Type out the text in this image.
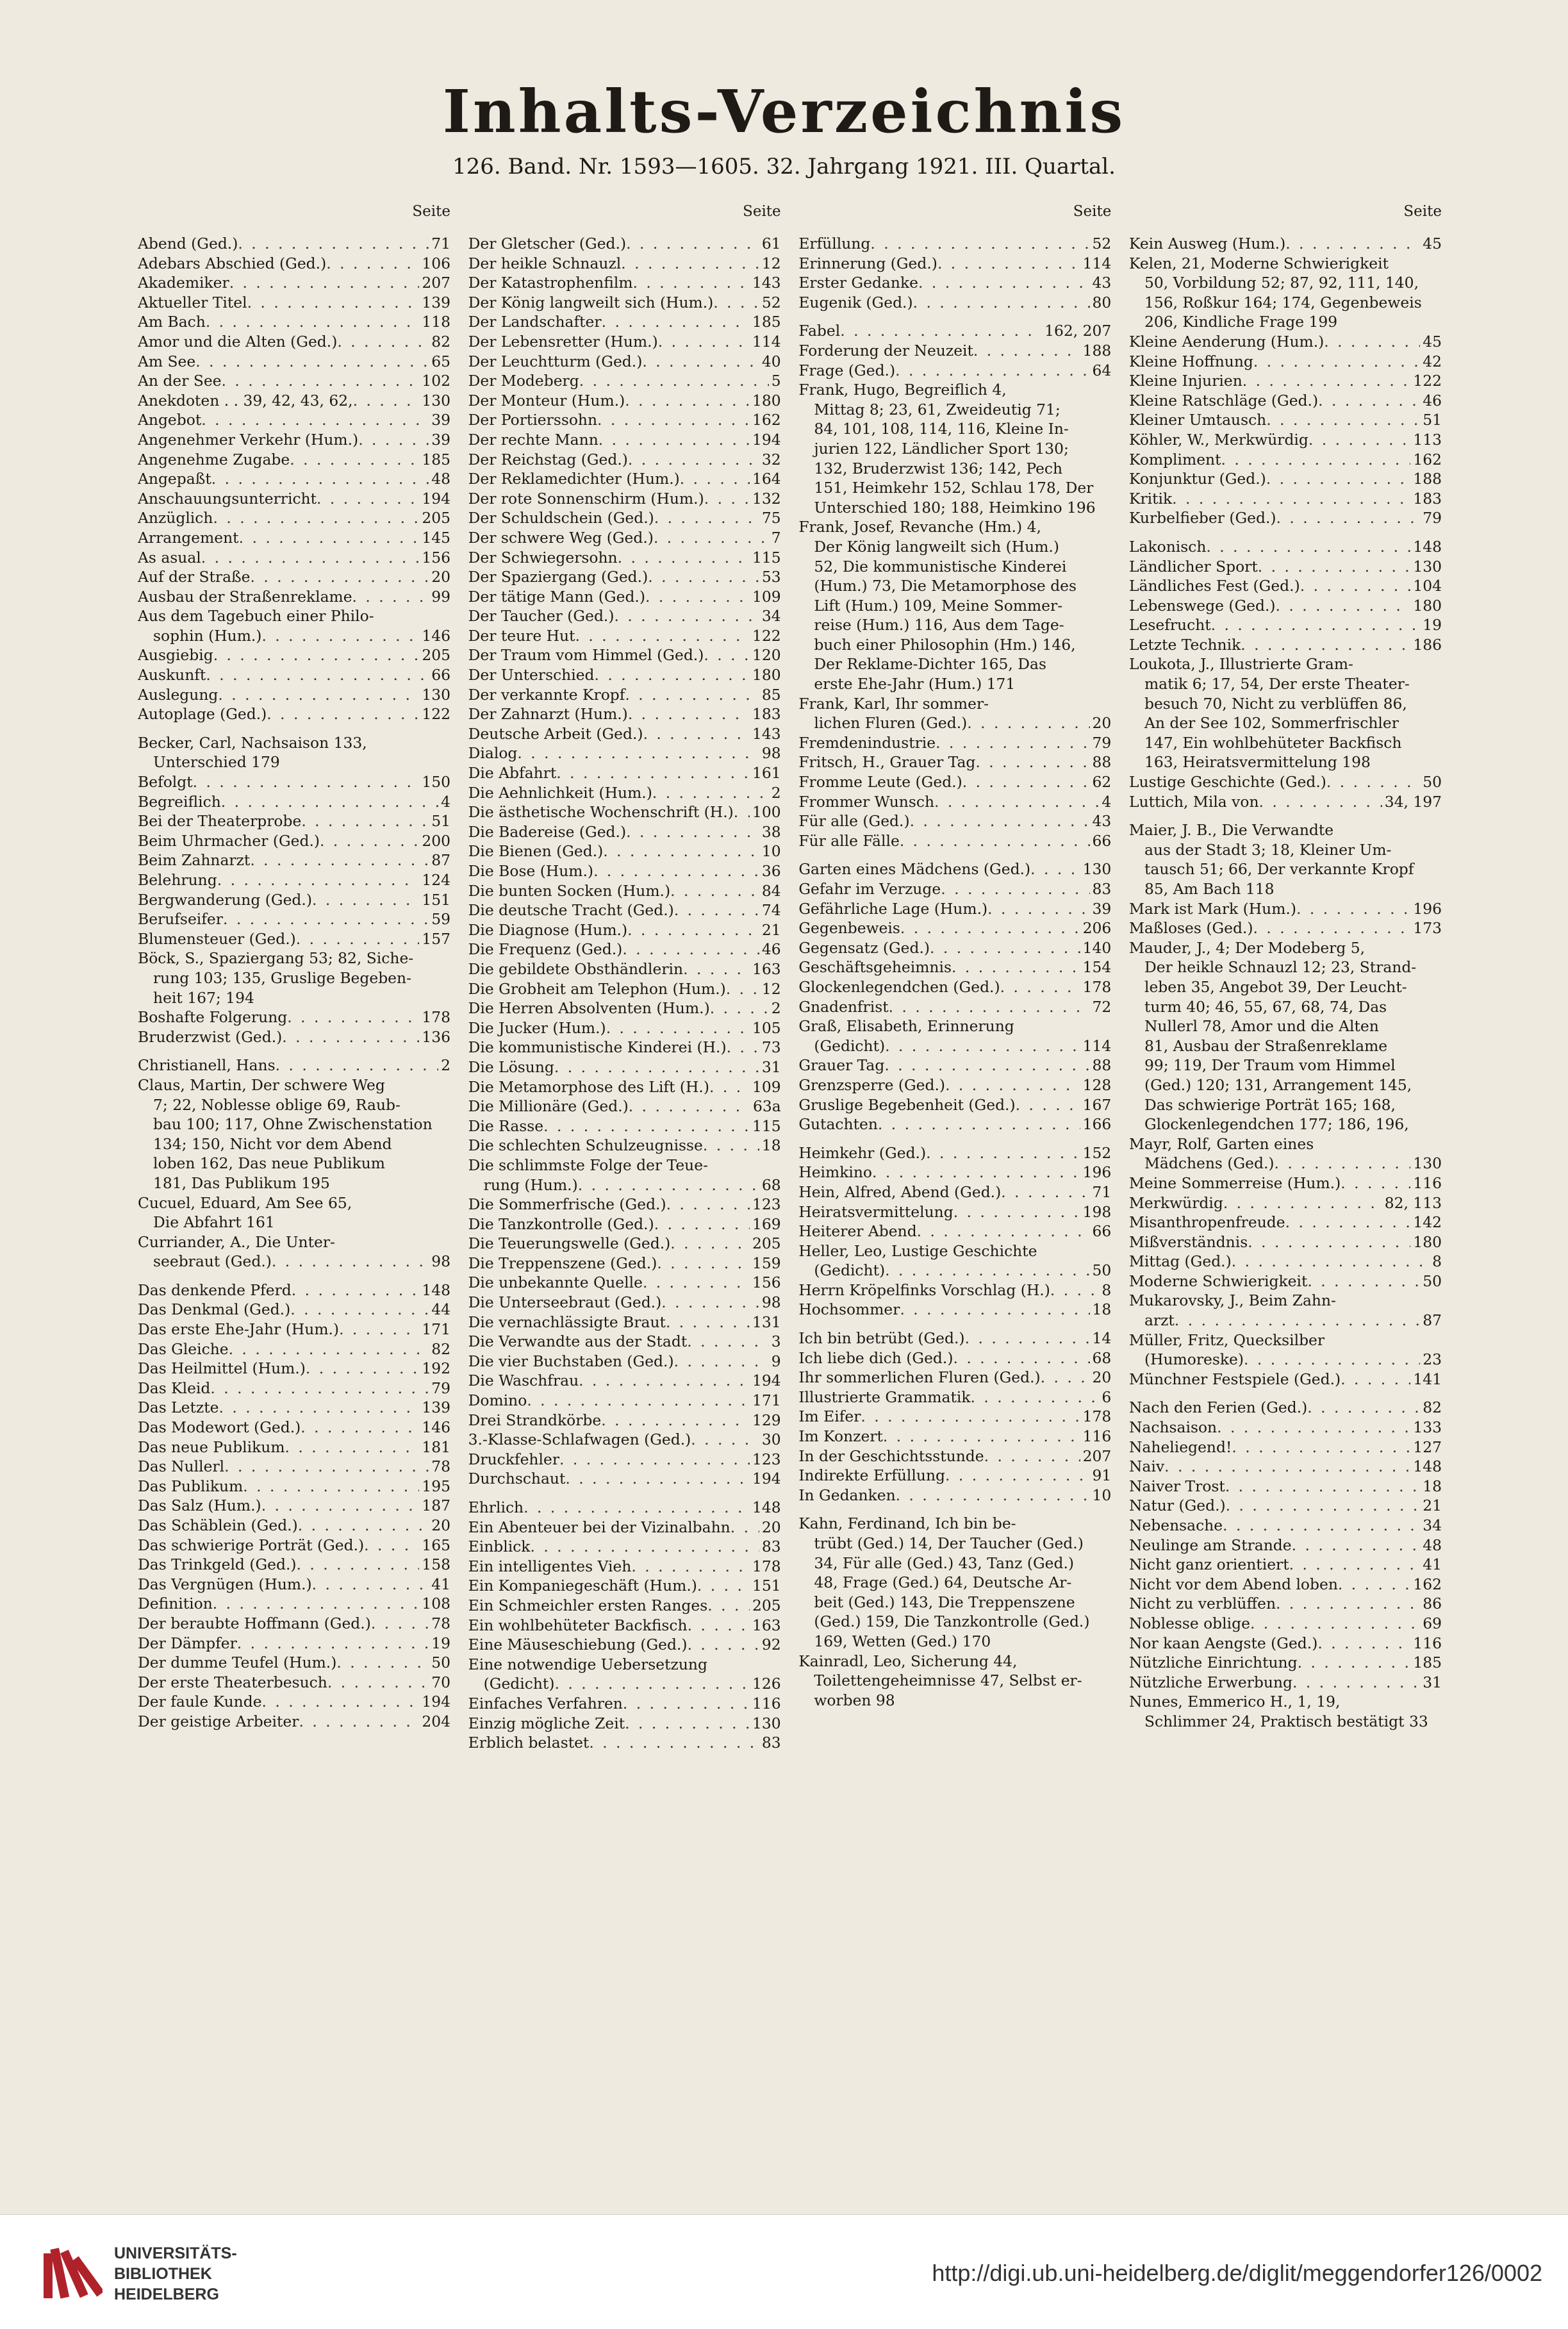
Inhalts-Verzeichnis
126. Band. Nr. 1593—1605. 32. Jahrgang 1921. III. Quartal.
Seite
Abend (Ged.) . . .	71
Adebars Abschied (Ged.) . . .	106
Akademiker . . .	207
Aktueller Titel . . .	139
Am Bach . . .	118
Amor und die Alten (Ged.) . . .	82
Am See . . .	65
An der See . . .	102
Anekdoten . . 39, 42, 43, 62, . . .	130
Angebot . . .	39
Angenehmer Verkehr (Hum.) . . .	39
Angenehme Zugabe . . .	185
Angepaßt . . .	48
Anschauungsunterricht . . .	194
Anzüglich . . .	205
Arrangement . . .	145
As asual . . .	156
Auf der Straße . . .	20
Ausbau der Straßenreklame . . .	99
Aus dem Tagebuch einer Philo-
sophin (Hum.) . . .	146
Ausgiebig . . .	205
Auskunft . . .	66
Auslegung . . .	130
Autoplage (Ged.) . . .	122
Becker, Carl, Nachsaison 133,
Unterschied 179
Befolgt . . .	150
Begreiflich . . .	4
Bei der Theaterprobe . . .	51
Beim Uhrmacher (Ged.) . . .	200
Beim Zahnarzt . . .	87
Belehrung . . .	124
Bergwanderung (Ged.) . . .	151
Berufseifer . . .	59
Blumensteuer (Ged.) . . .	157
Böck, S., Spaziergang 53; 82, Siche-
rung 103; 135, Gruslige Begeben-
heit 167; 194
Boshafte Folgerung . . .	178
Bruderzwist (Ged.) . . .	136
Christianell, Hans . . .	2
Claus, Martin, Der schwere Weg
7; 22, Noblesse oblige 69, Raub-
bau 100; 117, Ohne Zwischenstation
134; 150, Nicht vor dem Abend
loben 162, Das neue Publikum
181, Das Publikum 195
Cucuel, Eduard, Am See 65,
Die Abfahrt 161
Curriander, A., Die Unter-
seebraut (Ged.) . . .	98
Das denkende Pferd . . .	148
Das Denkmal (Ged.) . . .	44
Das erste Ehe-Jahr (Hum.) . . .	171
Das Gleiche . . .	82
Das Heilmittel (Hum.) . . .	192
Das Kleid . . .	79
Das Letzte . . .	139
Das Modewort (Ged.) . . .	146
Das neue Publikum . . .	181
Das Nullerl . . .	78
Das Publikum . . .	195
Das Salz (Hum.) . . .	187
Das Schäblein (Ged.) . . .	20
Das schwierige Porträt (Ged.) . . .	165
Das Trinkgeld (Ged.) . . .	158
Das Vergnügen (Hum.) . . .	41
Definition . . .	108
Der beraubte Hoffmann (Ged.) . . .	78
Der Dämpfer . . .	19
Der dumme Teufel (Hum.) . . .	50
Der erste Theaterbesuch . . .	70
Der faule Kunde . . .	194
Der geistige Arbeiter . . .	204
Seite
Der Gletscher (Ged.) . . .	61
Der heikle Schnauzl . . .	12
Der Katastrophenfilm . . .	143
Der König langweilt sich (Hum.) . . .	52
Der Landschafter . . .	185
Der Lebensretter (Hum.) . . .	114
Der Leuchtturm (Ged.) . . .	40
Der Modeberg . . .	5
Der Monteur (Hum.) . . .	180
Der Portierssohn . . .	162
Der rechte Mann . . .	194
Der Reichstag (Ged.) . . .	32
Der Reklamedichter (Hum.) . . .	164
Der rote Sonnenschirm (Hum.) . . .	132
Der Schuldschein (Ged.) . . .	75
Der schwere Weg (Ged.) . . .	7
Der Schwiegersohn . . .	115
Der Spaziergang (Ged.) . . .	53
Der tätige Mann (Ged.) . . .	109
Der Taucher (Ged.) . . .	34
Der teure Hut . . .	122
Der Traum vom Himmel (Ged.) . . .	120
Der Unterschied . . .	180
Der verkannte Kropf . . .	85
Der Zahnarzt (Hum.) . . .	183
Deutsche Arbeit (Ged.) . . .	143
Dialog . . .	98
Die Abfahrt . . .	161
Die Aehnlichkeit (Hum.) . . .	2
Die ästhetische Wochenschrift (H.) . . . 100
Die Badereise (Ged.) . . .	38
Die Bienen (Ged.) . . .	10
Die Bose (Hum.) . . .	36
Die bunten Socken (Hum.) . . .	84
Die deutsche Tracht (Ged.) . . .	74
Die Diagnose (Hum.) . . .	21
Die Frequenz (Ged.) . . .	46
Die gebildete Obsthändlerin . . .	163
Die Grobheit am Telephon (Hum.) . . . 12
Die Herren Absolventen (Hum.) . . .	2
Die Jucker (Hum.) . . .	105
Die kommunistische Kinderei (H.) . . . 73
Die Lösung . . .	31
Die Metamorphose des Lift (H.) . . .	109
Die Millionäre (Ged.) . . .	63a
Die Rasse . . .	115
Die schlechten Schulzeugnisse . . .	18
Die schlimmste Folge der Teue-
rung (Hum.) . . .	68
Die Sommerfrische (Ged.) . . .	123
Die Tanzkontrolle (Ged.) . . .	169
Die Teuerungswelle (Ged.) . . .	205
Die Treppenszene (Ged.) . . .	159
Die unbekannte Quelle . . .	156
Die Unterseebraut (Ged.) . . .	98
Die vernachlässigte Braut . . .	131
Die Verwandte aus der Stadt . . .	3
Die vier Buchstaben (Ged.) . . .	9
Die Waschfrau . . .	194
Domino . . .	171
Drei Strandkörbe . . .	129
3.-Klasse-Schlafwagen (Ged.) . . .	30
Druckfehler . . .	123
Durchschaut . . .	194
Ehrlich . . .	148
Ein Abenteuer bei der Vizinalbahn . . . 20
Einblick . . .	83
Ein intelligentes Vieh . . .	178
Ein Kompaniegeschäft (Hum.) . . .	151
Ein Schmeichler ersten Ranges . . .	205
Ein wohlbehüteter Backfisch . . .	163
Eine Mäuseschiebung (Ged.) . . .	92
Eine notwendige Uebersetzung
(Gedicht) . . .	126
Einfaches Verfahren . . .	116
Einzig mögliche Zeit . . .	130
Erblich belastet . . .	83
Seite
Erfüllung . . .	52
Erinnerung (Ged.) . . .	114
Erster Gedanke . . .	43
Eugenik (Ged.) . . .	80
Fabel . . .	162, 207
Forderung der Neuzeit . . .	188
Frage (Ged.) . . .	64
Frank, Hugo, Begreiflich 4,
Mittag 8; 23, 61, Zweideutig 71;
84, 101, 108, 114, 116, Kleine In-
jurien 122, Ländlicher Sport 130;
132, Bruderzwist 136; 142, Pech
151, Heimkehr 152, Schlau 178, Der
Unterschied 180; 188, Heimkino 196
Frank, Josef, Revanche (Hm.) 4,
Der König langweilt sich (Hum.)
52, Die kommunistische Kinderei
(Hum.) 73, Die Metamorphose des
Lift (Hum.) 109, Meine Sommer-
reise (Hum.) 116, Aus dem Tage-
buch einer Philosophin (Hm.) 146,
Der Reklame-Dichter 165, Das
erste Ehe-Jahr (Hum.) 171
Frank, Karl, Ihr sommer-
lichen Fluren (Ged.) . . .	20
Fremdenindustrie . . .	79
Fritsch, H., Grauer Tag . . .	88
Fromme Leute (Ged.) . . .	62
Frommer Wunsch . . .	4
Für alle (Ged.) . . .	43
Für alle Fälle . . .	66
Garten eines Mädchens (Ged.) . . .	130
Gefahr im Verzuge . . .	83
Gefährliche Lage (Hum.) . . .	39
Gegenbeweis . . .	206
Gegensatz (Ged.) . . .	140
Geschäftsgeheimnis . . .	154
Glockenlegendchen (Ged.) . . .	178
Gnadenfrist . . .	72
Graß, Elisabeth, Erinnerung
(Gedicht) . . .	114
Grauer Tag . . .	88
Grenzsperre (Ged.) . . .	128
Gruslige Begebenheit (Ged.) . . .	167
Gutachten . . .	166
Heimkehr (Ged.) . . .	152
Heimkino . . .	196
Hein, Alfred, Abend (Ged.) . . .	71
Heiratsvermittelung . . .	198
Heiterer Abend . . .	66
Heller, Leo, Lustige Geschichte
(Gedicht) . . .	50
Herrn Kröpelfinks Vorschlag (H.) . . .	8
Hochsommer . . .	18
Ich bin betrübt (Ged.) . . .	14
Ich liebe dich (Ged.) . . .	68
Ihr sommerlichen Fluren (Ged.) . . .	20
Illustrierte Grammatik . . .	6
Im Eifer . . .	178
Im Konzert . . .	116
In der Geschichtsstunde . . .	207
Indirekte Erfüllung . . .	91
In Gedanken . . .	10
Kahn, Ferdinand, Ich bin be-
trübt (Ged.) 14, Der Taucher (Ged.)
34, Für alle (Ged.) 43, Tanz (Ged.)
48, Frage (Ged.) 64, Deutsche Ar-
beit (Ged.) 143, Die Treppenszene
(Ged.) 159, Die Tanzkontrolle (Ged.)
169, Wetten (Ged.) 170
Kainradl, Leo, Sicherung 44,
Toilettengeheimnisse 47, Selbst er-
worben 98
Seite
Kein Ausweg (Hum.) . . .	45
Kelen, 21, Moderne Schwierigkeit
50, Vorbildung 52; 87, 92, 111, 140,
156, Roßkur 164; 174, Gegenbeweis
206, Kindliche Frage 199
Kleine Aenderung (Hum.) . . .	45
Kleine Hoffnung . . .	42
Kleine Injurien . . .	122
Kleine Ratschläge (Ged.) . . .	46
Kleiner Umtausch . . .	51
Köhler, W., Merkwürdig . . .	113
Kompliment . . .	162
Konjunktur (Ged.) . . .	188
Kritik . . .	183
Kurbelfieber (Ged.) . . .	79
Lakonisch . . .	148
Ländlicher Sport . . .	130
Ländliches Fest (Ged.) . . .	104
Lebenswege (Ged.) . . .	180
Lesefrucht . . .	19
Letzte Technik . . .	186
Loukota, J., Illustrierte Gram-
matik 6; 17, 54, Der erste Theater-
besuch 70, Nicht zu verblüffen 86,
An der See 102, Sommerfrischler
147, Ein wohlbehüteter Backfisch
163, Heiratsvermittelung 198
Lustige Geschichte (Ged.) . . .	50
Luttich, Mila von . . .	34, 197
Maier, J. B., Die Verwandte
aus der Stadt 3; 18, Kleiner Um-
tausch 51; 66, Der verkannte Kropf
85, Am Bach 118
Mark ist Mark (Hum.) . . .	196
Maßloses (Ged.) . . .	173
Mauder, J., 4; Der Modeberg 5,
Der heikle Schnauzl 12; 23, Strand-
leben 35, Angebot 39, Der Leucht-
turm 40; 46, 55, 67, 68, 74, Das
Nullerl 78, Amor und die Alten
81, Ausbau der Straßenreklame
99; 119, Der Traum vom Himmel
(Ged.) 120; 131, Arrangement 145,
Das schwierige Porträt 165; 168,
Glockenlegendchen 177; 186, 196,
Mayr, Rolf, Garten eines
Mädchens (Ged.) . . .	130
Meine Sommerreise (Hum.) . . .	116
Merkwürdig . . .	82, 113
Misanthropenfreude . . .	142
Mißverständnis . . .	180
Mittag (Ged.) . . .	8
Moderne Schwierigkeit . . .	50
Mukarovsky, J., Beim Zahn-
arzt . . .	87
Müller, Fritz, Quecksilber
(Humoreske) . . .	23
Münchner Festspiele (Ged.) . . .	141
Nach den Ferien (Ged.) . . .	82
Nachsaison . . .	133
Naheliegend! . . .	127
Naiv . . .	148
Naiver Trost . . .	18
Natur (Ged.) . . .	21
Nebensache . . .	34
Neulinge am Strande . . .	48
Nicht ganz orientiert . . .	41
Nicht vor dem Abend loben . . .	162
Nicht zu verblüffen . . .	86
Noblesse oblige . . .	69
Nor kaan Aengste (Ged.) . . .	116
Nützliche Einrichtung . . .	185
Nützliche Erwerbung . . .	31
Nunes, Emmerico H., 1, 19,
Schlimmer 24, Praktisch bestätigt 33
UNIVERSITÄTS-
BIBLIOTHEK
HEIDELBERG
http://digi.ub.uni-heidelberg.de/diglit/meggendorfer126/0002
